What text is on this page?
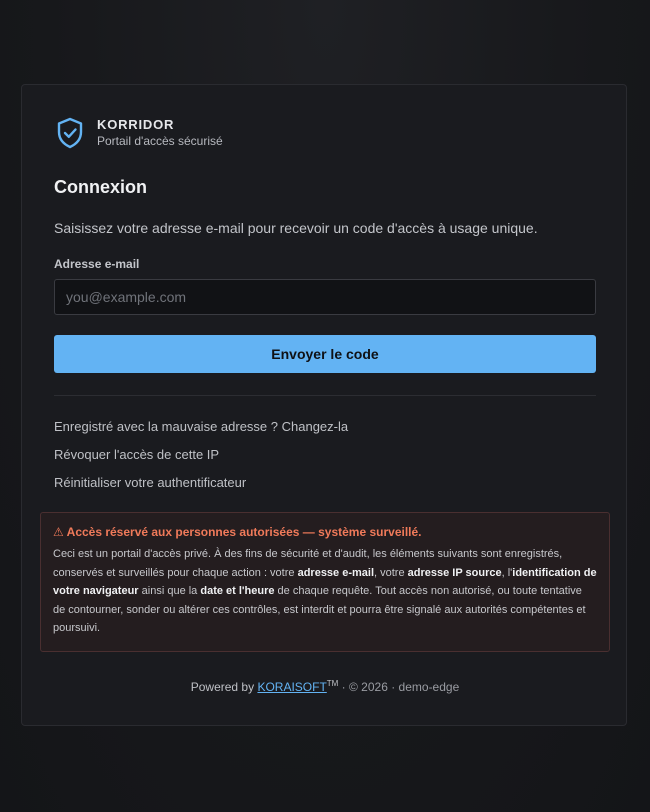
KORRIDOR
Portail d'accès sécurisé
Connexion
Saisissez votre adresse e-mail pour recevoir un code d'accès à usage unique.
Adresse e-mail
you@example.com
Envoyer le code
Enregistré avec la mauvaise adresse ? Changez-la
Révoquer l'accès de cette IP
Réinitialiser votre authentificateur
⚠ Accès réservé aux personnes autorisées — système surveillé.
Ceci est un portail d'accès privé. À des fins de sécurité et d'audit, les éléments suivants sont enregistrés, conservés et surveillés pour chaque action : votre adresse e-mail, votre adresse IP source, l'identification de votre navigateur ainsi que la date et l'heure de chaque requête. Tout accès non autorisé, ou toute tentative de contourner, sonder ou altérer ces contrôles, est interdit et pourra être signalé aux autorités compétentes et poursuivi.
Powered by KORAISOFT™ · © 2026 · demo-edge
